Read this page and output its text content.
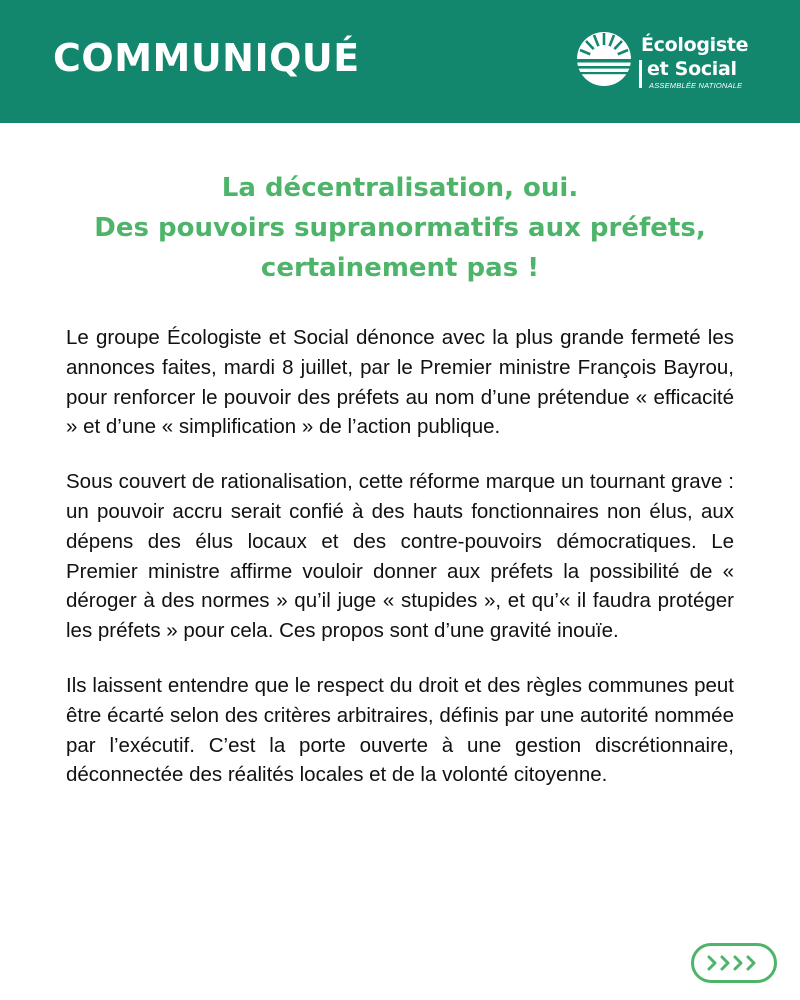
COMMUNIQUÉ	Écologiste
et Social
ASSEMBLÉE NATIONALE
La décentralisation, oui.
Des pouvoirs supranormatifs aux préfets,
certainement pas !

Le groupe Écologiste et Social dénonce avec la plus grande fermeté les annonces faites, mardi 8 juillet, par le Premier ministre François Bayrou, pour renforcer le pouvoir des préfets au nom d’une prétendue « efficacité » et d’une « simplification » de l’action publique.

Sous couvert de rationalisation, cette réforme marque un tournant grave : un pouvoir accru serait confié à des hauts fonctionnaires non élus, aux dépens des élus locaux et des contre-pouvoirs démocratiques. Le Premier ministre affirme vouloir donner aux préfets la possibilité de « déroger à des normes » qu’il juge « stupides », et qu’« il faudra protéger les préfets » pour cela. Ces propos sont d’une gravité inouïe.

Ils laissent entendre que le respect du droit et des règles communes peut être écarté selon des critères arbitraires, définis par une autorité nommée par l’exécutif. C’est la porte ouverte à une gestion discrétionnaire, déconnectée des réalités locales et de la volonté citoyenne.
